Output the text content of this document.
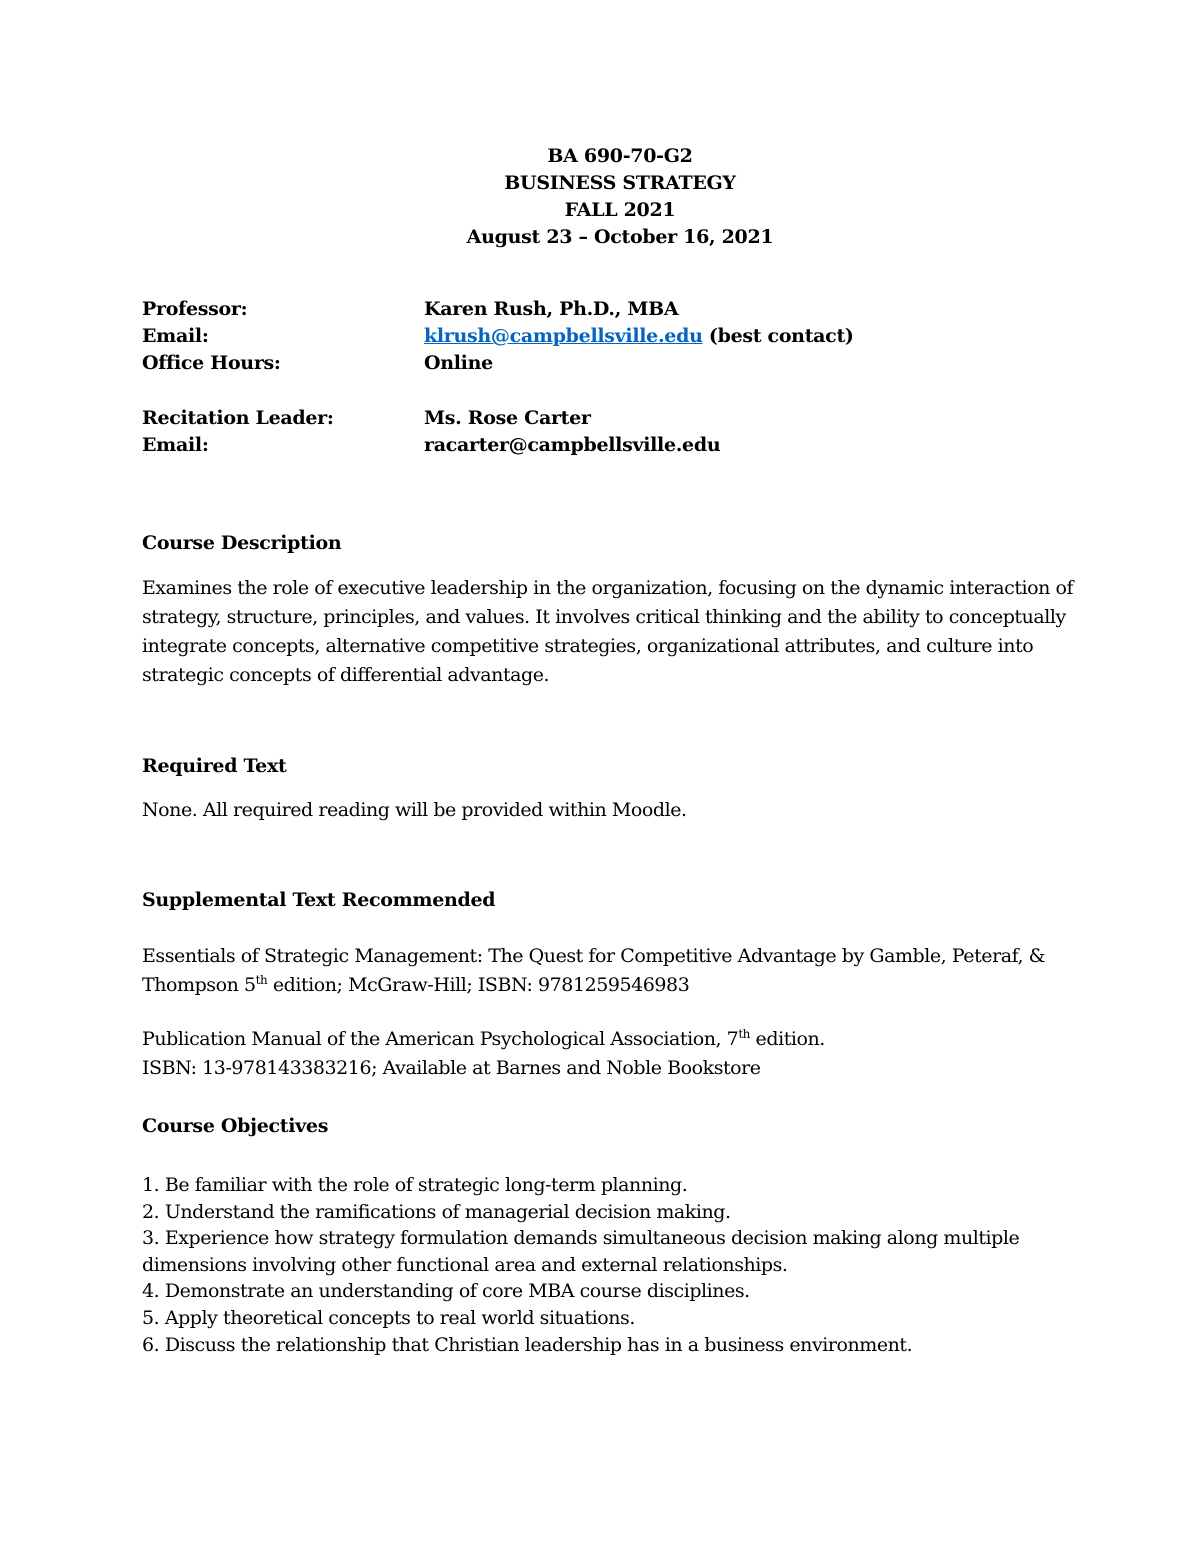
BA 690-70-G2
BUSINESS STRATEGY
FALL 2021
August 23 – October 16, 2021
Professor:	Karen Rush, Ph.D., MBA
Email:	klrush@campbellsville.edu (best contact)
Office Hours:	Online
Recitation Leader:	Ms. Rose Carter
Email:	racarter@campbellsville.edu
Course Description
Examines the role of executive leadership in the organization, focusing on the dynamic interaction of strategy, structure, principles, and values. It involves critical thinking and the ability to conceptually integrate concepts, alternative competitive strategies, organizational attributes, and culture into strategic concepts of differential advantage.
Required Text
None. All required reading will be provided within Moodle.
Supplemental Text Recommended
Essentials of Strategic Management: The Quest for Competitive Advantage by Gamble, Peteraf, & Thompson 5th edition; McGraw-Hill; ISBN: 9781259546983
Publication Manual of the American Psychological Association, 7th edition.
ISBN: 13-978143383216; Available at Barnes and Noble Bookstore
Course Objectives
1. Be familiar with the role of strategic long-term planning.
2. Understand the ramifications of managerial decision making.
3. Experience how strategy formulation demands simultaneous decision making along multiple dimensions involving other functional area and external relationships.
4. Demonstrate an understanding of core MBA course disciplines.
5. Apply theoretical concepts to real world situations.
6. Discuss the relationship that Christian leadership has in a business environment.
